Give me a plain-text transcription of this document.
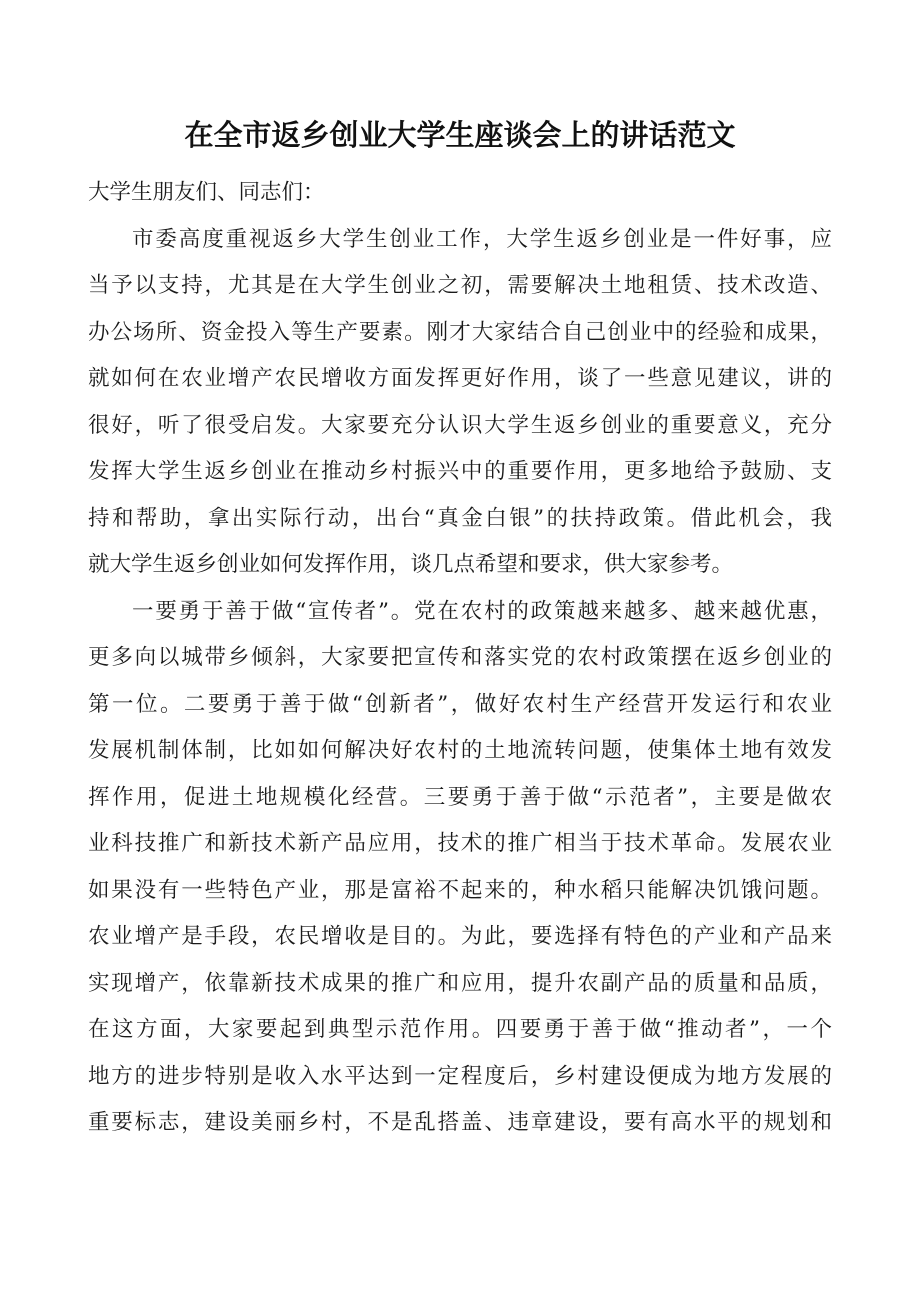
在全市返乡创业大学生座谈会上的讲话范文
大学生朋友们、同志们：
市委高度重视返乡大学生创业工作，大学生返乡创业是一件好事，应
当予以支持，尤其是在大学生创业之初，需要解决土地租赁、技术改造、
办公场所、资金投入等生产要素。刚才大家结合自己创业中的经验和成果，
就如何在农业增产农民增收方面发挥更好作用，谈了一些意见建议，讲的
很好，听了很受启发。大家要充分认识大学生返乡创业的重要意义，充分
发挥大学生返乡创业在推动乡村振兴中的重要作用，更多地给予鼓励、支
持和帮助，拿出实际行动，出台“真金白银”的扶持政策。借此机会，我
就大学生返乡创业如何发挥作用，谈几点希望和要求，供大家参考。
一要勇于善于做“宣传者”。党在农村的政策越来越多、越来越优惠，
更多向以城带乡倾斜，大家要把宣传和落实党的农村政策摆在返乡创业的
第一位。二要勇于善于做“创新者”，做好农村生产经营开发运行和农业
发展机制体制，比如如何解决好农村的土地流转问题，使集体土地有效发
挥作用，促进土地规模化经营。三要勇于善于做“示范者”，主要是做农
业科技推广和新技术新产品应用，技术的推广相当于技术革命。发展农业
如果没有一些特色产业，那是富裕不起来的，种水稻只能解决饥饿问题。
农业增产是手段，农民增收是目的。为此，要选择有特色的产业和产品来
实现增产，依靠新技术成果的推广和应用，提升农副产品的质量和品质，
在这方面，大家要起到典型示范作用。四要勇于善于做“推动者”，一个
地方的进步特别是收入水平达到一定程度后，乡村建设便成为地方发展的
重要标志，建设美丽乡村，不是乱搭盖、违章建设，要有高水平的规划和
